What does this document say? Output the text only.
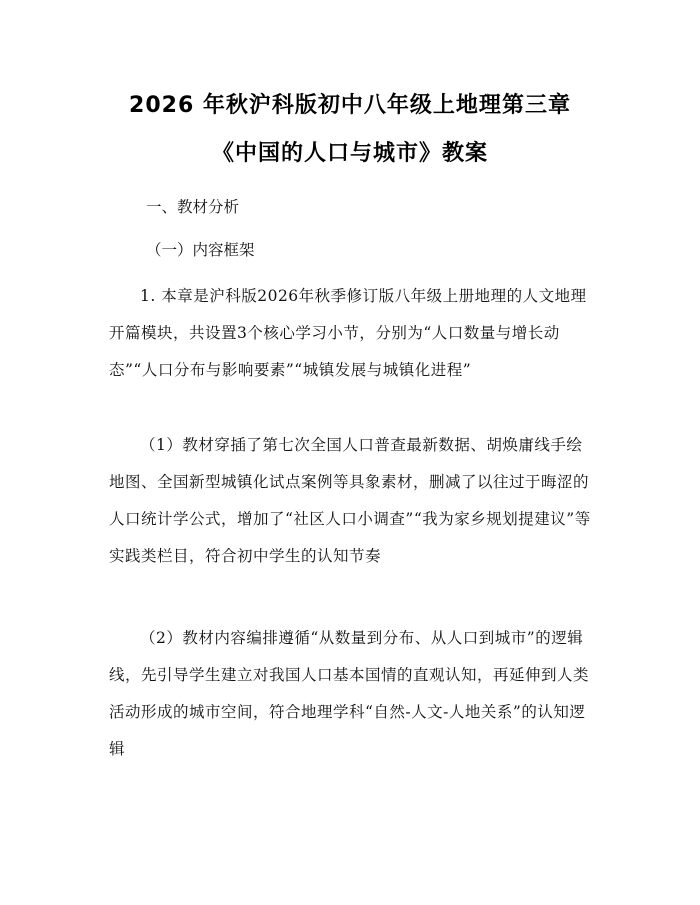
2026 年秋沪科版初中八年级上地理第三章
《中国的人口与城市》教案
一、教材分析
（一）内容框架
1. 本章是沪科版2026年秋季修订版八年级上册地理的人文地理开篇模块，共设置3个核心学习小节，分别为“人口数量与增长动态”“人口分布与影响要素”“城镇发展与城镇化进程”
（1）教材穿插了第七次全国人口普查最新数据、胡焕庸线手绘地图、全国新型城镇化试点案例等具象素材，删减了以往过于晦涩的人口统计学公式，增加了“社区人口小调查”“我为家乡规划提建议”等实践类栏目，符合初中学生的认知节奏
（2）教材内容编排遵循“从数量到分布、从人口到城市”的逻辑线，先引导学生建立对我国人口基本国情的直观认知，再延伸到人类活动形成的城市空间，符合地理学科“自然-人文-人地关系”的认知逻辑
